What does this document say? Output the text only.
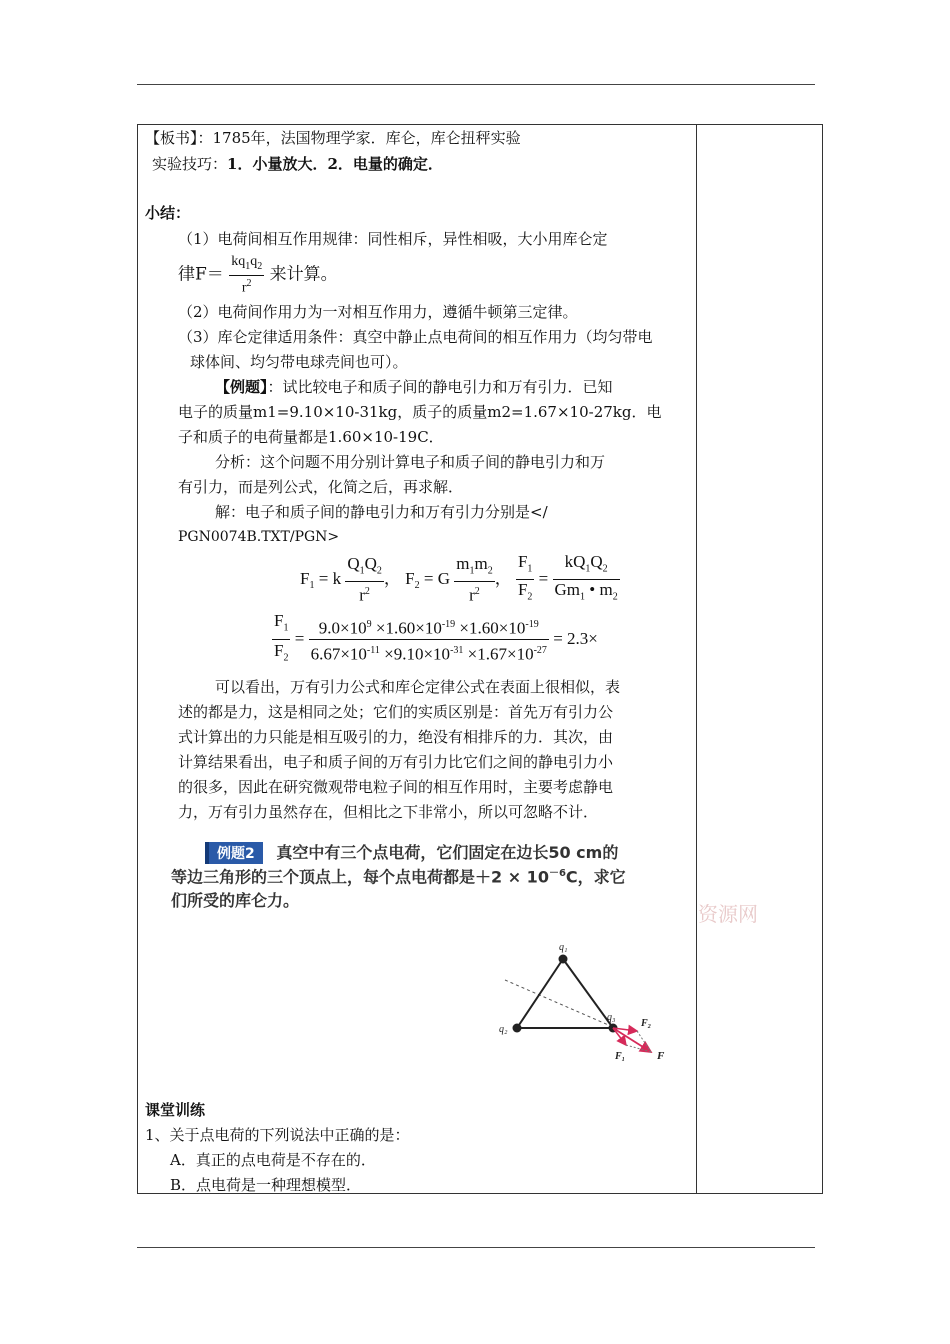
【板书】：1785年，法国物理学家．库仑，库仑扭秤实验
实验技巧：1．小量放大．2．电量的确定．
小结：
（1）电荷间相互作用规律：同性相斥，异性相吸，大小用库仑定
律$F= \frac{kq_1q_2}{r^2}$ 来计算。
（2）电荷间作用力为一对相互作用力，遵循牛顿第三定律。
（3）库仑定律适用条件：真空中静止点电荷间的相互作用力（均匀带电
球体间、均匀带电球壳间也可）。
【例题】：试比较电子和质子间的静电引力和万有引力．已知
电子的质量m1=9.10×10-31kg，质子的质量m2=1.67×10-27kg．电
子和质子的电荷量都是1.60×10-19C．
分析：这个问题不用分别计算电子和质子间的静电引力和万
有引力，而是列公式，化简之后，再求解．
解：电子和质子间的静电引力和万有引力分别是</
PGN0074B.TXT/PGN>
$F_1 = k \frac{Q_1Q_2}{r^2}$ ， $F_2 = G \frac{m_1m_2}{r^2}$ ， $\frac{F_1}{F_2} = \frac{kQ_1Q_2}{Gm_1 • m_2}$
$\frac{F_1}{F_2} = \frac{9.0\times 10^9 \times 1.60\times 10^{-19} \times 1.60\times 10^{-19}}{6.67\times 10^{-11} \times 9.10\times 10^{-31} \times 1.67\times 10^{-27}} = 2.3\times$
可以看出，万有引力公式和库仑定律公式在表面上很相似，表
述的都是力，这是相同之处；它们的实质区别是：首先万有引力公
式计算出的力只能是相互吸引的力，绝没有相排斥的力．其次，由
计算结果看出，电子和质子间的万有引力比它们之间的静电引力小
的很多，因此在研究微观带电粒子间的相互作用时，主要考虑静电
力，万有引力虽然存在，但相比之下非常小，所以可忽略不计．
例题2 真空中有三个点电荷，它们固定在边长50 cm的
等边三角形的三个顶点上，每个点电荷都是$+2 \times 10^{-6}C$，求它
们所受的库仑力。
资源网
q₁
q₂
q₃
F₂
F₁	F
课堂训练
1、关于点电荷的下列说法中正确的是：
A．真正的点电荷是不存在的．
B．点电荷是一种理想模型．
